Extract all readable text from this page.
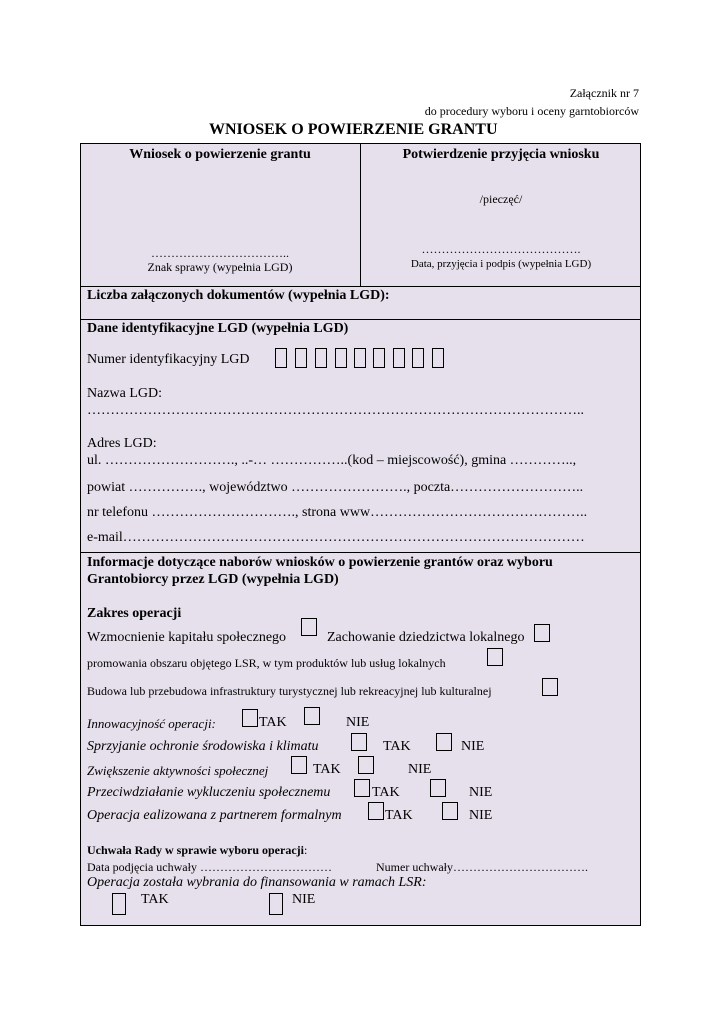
Załącznik nr 7
do procedury wyboru i oceny garntobiorców
WNIOSEK O POWIERZENIE GRANTU
Wniosek o powierzenie grantu
……………………………..
Znak sprawy (wypełnia LGD)
Potwierdzenie przyjęcia wniosku
/pieczęć/
………………………………….
Data, przyjęcia i podpis (wypełnia LGD)
Liczba załączonych dokumentów (wypełnia LGD):
Dane identyfikacyjne LGD (wypełnia LGD)
Numer identyfikacyjny LGD
Nazwa LGD:
……………………………………………………………………………………………..
Adres LGD:
ul. ………………………., ..-… ……………..(kod – miejscowość), gmina …………..,
powiat ……………., województwo ……………………., poczta………………………..
nr telefonu …………………………., strona www………………………………………..
e-mail………………………………………………………………………………………
Informacje dotyczące naborów wniosków o powierzenie grantów oraz wyboru
Grantobiorcy przez LGD (wypełnia LGD)
Zakres operacji
Wzmocnienie kapitału społecznego	Zachowanie dziedzictwa lokalnego
promowania obszaru objętego LSR, w tym produktów lub usług lokalnych
Budowa lub przebudowa infrastruktury turystycznej lub rekreacyjnej lub kulturalnej
Innowacyjność operacji:	TAK	NIE
Sprzyjanie ochronie środowiska i klimatu	TAK	NIE
Zwiększenie aktywności społecznej	TAK	NIE
Przeciwdziałanie wykluczeniu społecznemu	TAK	NIE
Operacja ealizowana z partnerem formalnym	TAK	NIE
Uchwała Rady w sprawie wyboru operacji:
Data podjęcia uchwały ……………………………	Numer uchwały…………………………….
Operacja została wybrania do finansowania w ramach LSR:
TAK	NIE
